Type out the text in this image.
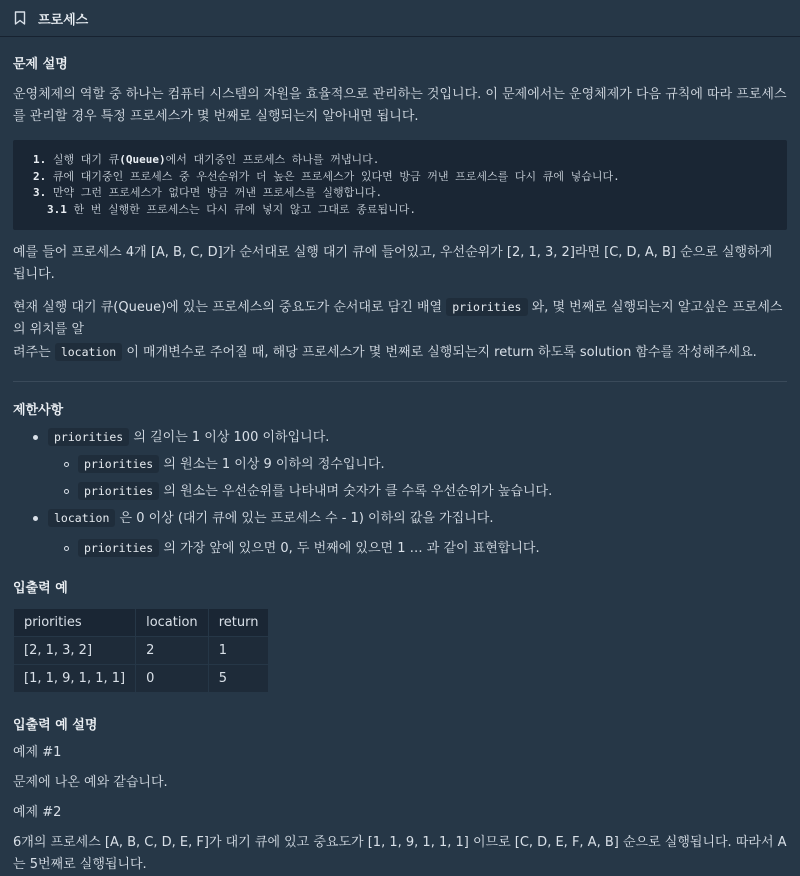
프로세스
문제 설명

운영체제의 역할 중 하나는 컴퓨터 시스템의 자원을 효율적으로 관리하는 것입니다. 이 문제에서는 운영체제가 다음 규칙에 따라 프로세스를 관리할 경우 특정 프로세스가 몇 번째로 실행되는지 알아내면 됩니다.

1. 실행 대기 큐(Queue)에서 대기중인 프로세스 하나를 꺼냅니다.
2. 큐에 대기중인 프로세스 중 우선순위가 더 높은 프로세스가 있다면 방금 꺼낸 프로세스를 다시 큐에 넣습니다.
3. 만약 그런 프로세스가 없다면 방금 꺼낸 프로세스를 실행합니다.
3.1 한 번 실행한 프로세스는 다시 큐에 넣지 않고 그대로 종료됩니다.

예를 들어 프로세스 4개 [A, B, C, D]가 순서대로 실행 대기 큐에 들어있고, 우선순위가 [2, 1, 3, 2]라면 [C, D, A, B] 순으로 실행하게 됩니다.

현재 실행 대기 큐(Queue)에 있는 프로세스의 중요도가 순서대로 담긴 배열 priorities 와, 몇 번째로 실행되는지 알고싶은 프로세스의 위치를 알
려주는 location 이 매개변수로 주어질 때, 해당 프로세스가 몇 번째로 실행되는지 return 하도록 solution 함수를 작성해주세요.

제한사항
priorities 의 길이는 1 이상 100 이하입니다.
priorities 의 원소는 1 이상 9 이하의 정수입니다.
priorities 의 원소는 우선순위를 나타내며 숫자가 클 수록 우선순위가 높습니다.
location 은 0 이상 (대기 큐에 있는 프로세스 수 - 1) 이하의 값을 가집니다.
priorities 의 가장 앞에 있으면 0, 두 번째에 있으면 1 … 과 같이 표현합니다.
입출력 예
priorities	location	return
[2, 1, 3, 2]	2	1
[1, 1, 9, 1, 1, 1]	0	5
입출력 예 설명

예제 #1

문제에 나온 예와 같습니다.

예제 #2

6개의 프로세스 [A, B, C, D, E, F]가 대기 큐에 있고 중요도가 [1, 1, 9, 1, 1, 1] 이므로 [C, D, E, F, A, B] 순으로 실행됩니다. 따라서 A는 5번째로 실행됩니다.
